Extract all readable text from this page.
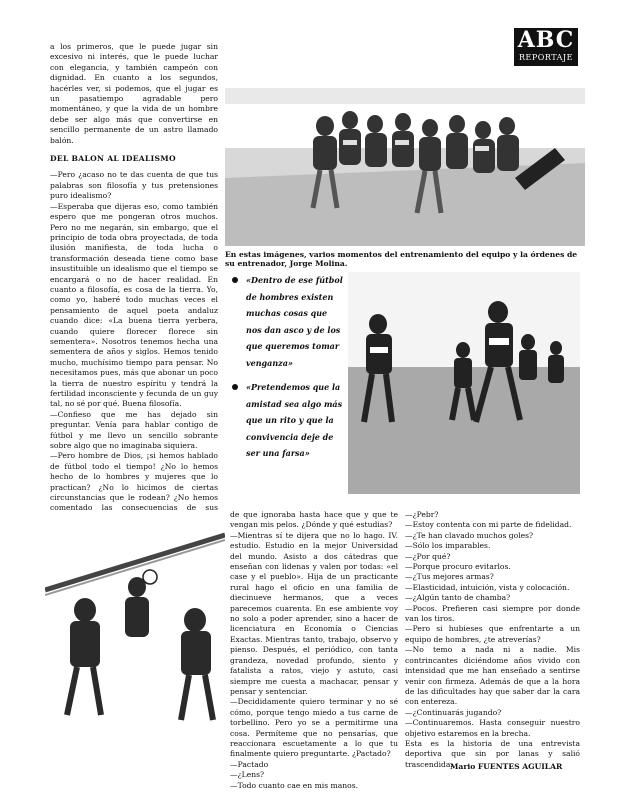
ABC
REPORTAJE

a los primeros, que le puede jugar sin excesivo ni interés, que le puede luchar con elegancia, y también campeón con dignidad. En cuanto a los segundos, hacérles ver, si podemos, que el jugar es un pasatiempo agradable pero momentáneo, y que la vida de un hombre debe ser algo más que convertirse en sencillo permanente de un astro llamado balón.

DEL BALON AL IDEALISMO

—Pero ¿acaso no te das cuenta de que tus palabras son filosofía y tus pretensiones puro idealismo?

—Esperaba que dijeras eso, como también espero que me pongeran otros muchos. Pero no me negarán, sin embargo, que el principio de toda obra proyectada, de toda ilusión manifiesta, de toda lucha o transformación deseada tiene como base insustituible un idealismo que el tiempo se encargará o no de hacer realidad. En cuanto a filosofía, es cosa de la tierra. Yo, como yo, haberé todo muchas veces el pensamiento de aquel poeta andaluz cuando dice: «La buena tierra yerbera, cuando quiere florecer florece sin sementera». Nosotros tenemos hecha una sementera de años y siglos. Hemos tenido mucho, muchísimo tiempo para pensar. No necesitamos pues, más que abonar un poco la tierra de nuestro espíritu y tendrá la fertilidad inconsciente y fecunda de un guy tal, no sé por qué. Buena filosofía.

—Confieso que me has dejado sin preguntar. Venía para hablar contigo de fútbol y me llevo un sencillo sobrante sobre algo que no imaginaba siquiera.

—Pero hombre de Dios, ¡si hemos hablado de fútbol todo el tiempo! ¿No lo hemos hecho de lo hombres y mujeres que lo practican? ¿No lo hicimos de ciertas circunstancias que le rodean? ¿No hemos comentado las consecuencias de sus

En estas imágenes, varios momentos del entrenamiento del equipo y la órdenes de su entrenador, Jorge Molina.
«Dentro de ese fútbol de hombres existen muchas cosas que nos dan asco y de los que queremos tomar venganza»
«Pretendemos que la amistad sea algo más que un rito y que la convivencia deje de ser una farsa»

de que ignoraba hasta hace que y que te vengan mis pelos. ¿Dónde y qué estudias?

—Mientras sí te dijera que no lo hago. IV. estudio. Estudio en la mejor Universidad del mundo. Asisto a dos cátedras que enseñan con lidenas y valen por todas: «el case y el pueblo». Hija de un practicante rural hago el oficio en una familia de diecinueve hermanos, que a veces parecemos cuarenta. En ese ambiente voy no solo a poder aprender, sino a hacer de licenciatura en Economía o Ciencias Exactas. Mientras tanto, trabajo, observo y pienso. Después, el periódico, con tanta grandeza, novedad profundo, siento y fatalista a ratos, viejo y astuto, casi siempre me cuesta a machacar, pensar y pensar y sentenciar.

—Decididamente quiero terminar y no sé cómo, porque tengo miedo a tus carne de torbellino. Pero yo se a permitirme una cosa. Permíteme que no pensarías, que reaccionara escuetamente a lo que tu finalmente quiero preguntarte. ¿Pactado?

—Pactado

—¿Lens?

—Todo cuanto cae en mis manos.

—¿Pebr?

—Estoy contenta con mi parte de fidelidad.

—¿Te han clavado muchos goles?

—Sólo los imparables.

—¿Por qué?

—Porque procuro evitarlos.

—¿Tus mejores armas?

—Elasticidad, intuición, vista y colocación.

—¿Algún tanto de chamba?

—Pocos. Prefieren casi siempre por donde van los tiros.

—Pero si hubieses que enfrentarte a un equipo de hombres, ¿te atreverías?

—No temo a nada ni a nadie. Mis contrincantes diciéndome años vivido con intensidad que me han enseñado a sentirse venir con firmeza. Además de que a la hora de las dificultades hay que saber dar la cara con entereza.

—¿Continuarás jugando?

—Continuaremos. Hasta conseguir nuestro objetivo estaremos en la brecha.

Esta es la historia de una entrevista deportiva que sin por lanas y salió trascendida.

Mario FUENTES AGUILAR
